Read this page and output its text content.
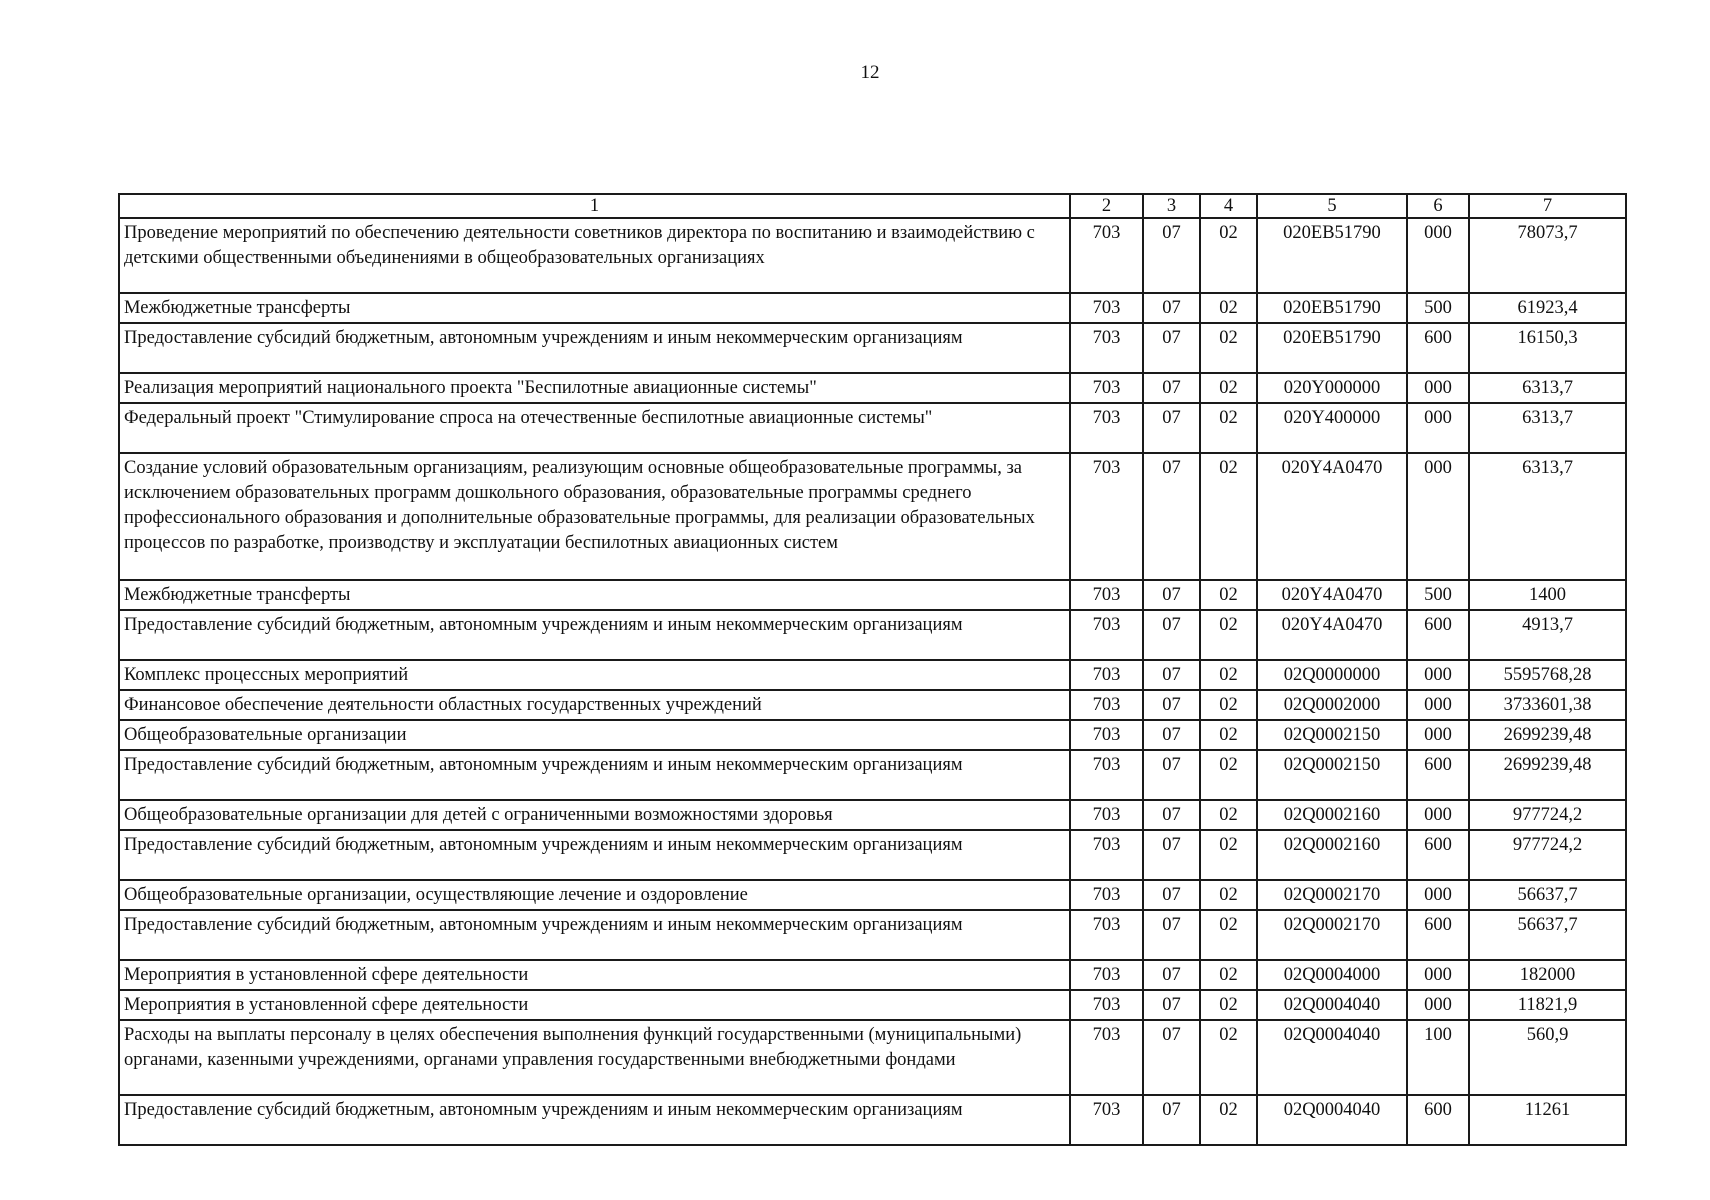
12
1	2	3	4	5	6	7
Проведение мероприятий по обеспечению деятельности советников директора по воспитанию и взаимодействию с детскими общественными объединениями в общеобразовательных организациях	703	07	02	020EB51790	000	78073,7
Межбюджетные трансферты	703	07	02	020EB51790	500	61923,4
Предоставление субсидий бюджетным, автономным учреждениям и иным некоммерческим организациям	703	07	02	020EB51790	600	16150,3
Реализация мероприятий национального проекта "Беспилотные авиационные системы"	703	07	02	020Y000000	000	6313,7
Федеральный проект "Стимулирование спроса на отечественные беспилотные авиационные системы"	703	07	02	020Y400000	000	6313,7
Создание условий образовательным организациям, реализующим основные общеобразовательные программы, за исключением образовательных программ дошкольного образования, образовательные программы среднего профессионального образования и дополнительные образовательные программы, для реализации образовательных процессов по разработке, производству и эксплуатации беспилотных авиационных систем	703	07	02	020Y4A0470	000	6313,7
Межбюджетные трансферты	703	07	02	020Y4A0470	500	1400
Предоставление субсидий бюджетным, автономным учреждениям и иным некоммерческим организациям	703	07	02	020Y4A0470	600	4913,7
Комплекс процессных мероприятий	703	07	02	02Q0000000	000	5595768,28
Финансовое обеспечение деятельности областных государственных учреждений	703	07	02	02Q0002000	000	3733601,38
Общеобразовательные организации	703	07	02	02Q0002150	000	2699239,48
Предоставление субсидий бюджетным, автономным учреждениям и иным некоммерческим организациям	703	07	02	02Q0002150	600	2699239,48
Общеобразовательные организации для детей с ограниченными возможностями здоровья	703	07	02	02Q0002160	000	977724,2
Предоставление субсидий бюджетным, автономным учреждениям и иным некоммерческим организациям	703	07	02	02Q0002160	600	977724,2
Общеобразовательные организации, осуществляющие лечение и оздоровление	703	07	02	02Q0002170	000	56637,7
Предоставление субсидий бюджетным, автономным учреждениям и иным некоммерческим организациям	703	07	02	02Q0002170	600	56637,7
Мероприятия в установленной сфере деятельности	703	07	02	02Q0004000	000	182000
Мероприятия в установленной сфере деятельности	703	07	02	02Q0004040	000	11821,9
Расходы на выплаты персоналу в целях обеспечения выполнения функций государственными (муниципальными) органами, казенными учреждениями, органами управления государственными внебюджетными фондами	703	07	02	02Q0004040	100	560,9
Предоставление субсидий бюджетным, автономным учреждениям и иным некоммерческим организациям	703	07	02	02Q0004040	600	11261
